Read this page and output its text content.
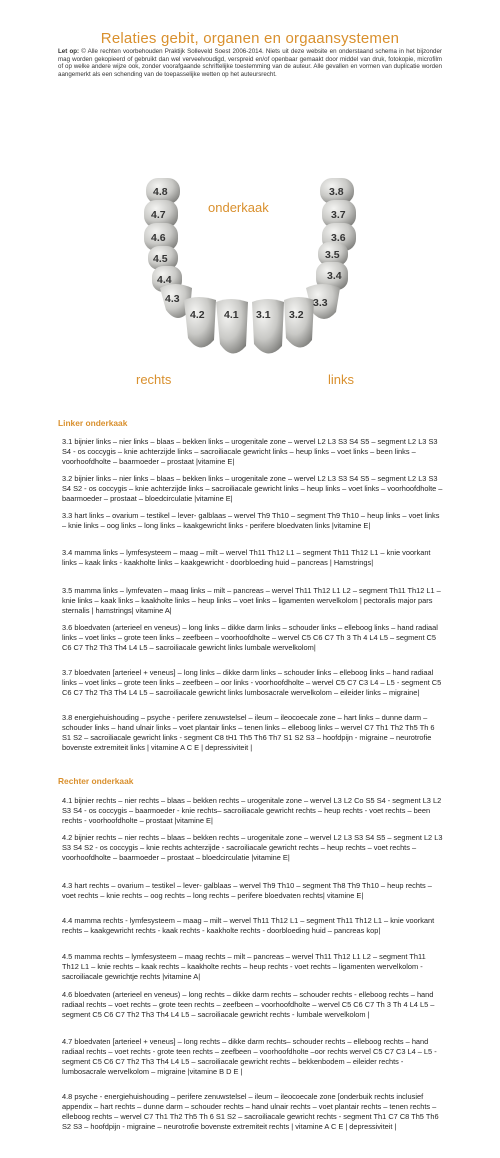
Relaties gebit, organen en orgaansystemen
Let op: © Alle rechten voorbehouden Praktijk Solleveld Soest 2006-2014. Niets uit deze website en onderstaand schema in het bijzonder mag worden gekopieerd of gebruikt dan wel verveelvoudigd, verspreid en/of openbaar gemaakt door middel van druk, fotokopie, microfilm of op welke andere wijze ook, zonder voorafgaande schriftelijke toestemming van de auteur. Alle gevallen en vormen van duplicatie worden aangemerkt als een schending van de toepasselijke wetten op het auteursrecht.
4.8
4.7
4.6
4.5
4.4
4.3
4.2 4.1
3.8
3.7
3.6
3.5
3.4
3.3
3.2
3.1
onderkaak
rechts	links
Linker onderkaak
3.1 bijnier links – nier links – blaas – bekken links – urogenitale zone – wervel L2 L3 S3 S4 S5 – segment L2 L3 S3 S4 - os coccygis – knie achterzijde links – sacroiliacale gewricht links – heup links – voet links – been links –voorhoofdholte – baarmoeder – prostaat |vitamine E|
3.2 bijnier links – nier links – blaas – bekken links – urogenitale zone – wervel L2 L3 S3 S4 S5 – segment L2 L3 S3 S4 S2 - os coccygis – knie achterzijde links – sacroiliacale gewricht links – heup links – voet links – voorhoofdholte – baarmoeder – prostaat – bloedcirculatie |vitamine E|
3.3 hart links – ovarium – testikel – lever- galblaas – wervel Th9 Th10 – segment Th9 Th10 – heup links – voet links – knie links – oog links – long links – kaakgewricht links - perifere bloedvaten links |vitamine E|
3.4 mamma links – lymfesysteem – maag – milt – wervel Th11 Th12 L1 – segment Th11 Th12 L1 – knie voorkant links – kaak links - kaakholte links – kaakgewricht - doorbloeding huid – pancreas | Hamstrings|
3.5 mamma links – lymfevaten – maag links – milt – pancreas – wervel Th11 Th12 L1 L2 – segment Th11 Th12 L1 – knie links – kaak links – kaakholte links – heup links – voet links – ligamenten wervelkolom | pectoralis major pars sternalis | hamstrings| vitamine A|
3.6 bloedvaten (arterieel en veneus) – long links – dikke darm links – schouder links – elleboog links – hand radiaal links – voet links – grote teen links – zeefbeen – voorhoofdholte – wervel C5 C6 C7 Th 3 Th 4 L4 L5 – segment C5 C6 C7 Th2 Th3 Th4 L4 L5 – sacroiliacale gewricht links lumbale wervelkolom|
3.7 bloedvaten [arterieel + veneus] – long links – dikke darm links – schouder links – elleboog links – hand radiaal links – voet links – grote teen links – zeefbeen – oor links - voorhoofdholte – wervel C5 C7 C3 L4 – L5 - segment C5 C6 C7 Th2 Th3 Th4 L4 L5 – sacroiliacale gewricht links lumbosacrale wervelkolom – eileider links – migraine|
3.8 energiehuishouding – psyche - perifere zenuwstelsel – ileum – ileocoecale zone – hart links – dunne darm – schouder links – hand ulnair links – voet plantair links – tenen links – elleboog links – wervel C7 Th1 Th2 Th5 Th 6 S1 S2 – sacroiliacale gewricht links - segment C8 tH1 Th5 Th6 Th7 S1 S2 S3 – hoofdpijn - migraine – neurotrofie bovenste extremiteit links | vitamine A C E | depressiviteit |
Rechter onderkaak
4.1 bijnier rechts – nier rechts – blaas – bekken rechts – urogenitale zone – wervel L3 L2 Co S5 S4 - segment L3 L2 S3 S4 - os coccygis – baarmoeder - knie rechts– sacroiliacale gewricht rechts – heup rechts - voet rechts – been rechts - voorhoofdholte – prostaat |vitamine E|
4.2 bijnier rechts – nier rechts – blaas – bekken rechts – urogenitale zone – wervel L2 L3 S3 S4 S5 – segment L2 L3 S3 S4 S2 - os coccygis – knie rechts achterzijde - sacroiliacale gewricht rechts – heup rechts – voet rechts – voorhoofdholte – baarmoeder – prostaat – bloedcirculatie |vitamine E|
4.3 hart rechts – ovarium – testikel – lever- galblaas – wervel Th9 Th10 – segment Th8 Th9 Th10 – heup rechts – voet rechts – knie rechts – oog rechts – long rechts – perifere bloedvaten rechts| vitamine E|
4.4 mamma rechts - lymfesysteem – maag – milt – wervel Th11 Th12 L1 – segment Th11 Th12 L1 – knie voorkant rechts – kaakgewricht rechts - kaak rechts - kaakholte rechts - doorbloeding huid – pancreas kop|
4.5 mamma rechts – lymfesysteem – maag rechts – milt – pancreas – wervel Th11 Th12 L1 L2 – segment Th11 Th12 L1 – knie rechts – kaak rechts – kaakholte rechts – heup rechts - voet rechts – ligamenten wervelkolom - sacroiliacale gewrichtje rechts |vitamine A|
4.6 bloedvaten (arterieel en veneus) – long rechts – dikke darm rechts – schouder rechts - elleboog rechts – hand radiaal rechts – voet rechts – grote teen rechts – zeefbeen – voorhoofdholte – wervel C5 C6 C7 Th 3 Th 4 L4 L5 – segment C5 C6 C7 Th2 Th3 Th4 L4 L5 – sacroiliacale gewricht rechts - lumbale wervelkolom |
4.7 bloedvaten [arterieel + veneus] – long rechts – dikke darm rechts– schouder rechts – elleboog rechts – hand radiaal rechts – voet rechts - grote teen rechts – zeefbeen – voorhoofdholte –oor rechts wervel C5 C7 C3 L4 – L5 - segment C5 C6 C7 Th2 Th3 Th4 L4 L5 – sacroiliacale gewricht rechts – bekkenbodem – eileider rechts - lumbosacrale wervelkolom – migraine |vitamine B D E |
4.8 psyche - energiehuishouding – perifere zenuwstelsel – ileum – ileocoecale zone [onderbuik rechts inclusief appendix – hart rechts – dunne darm – schouder rechts – hand ulnair rechts – voet plantair rechts – tenen rechts – elleboog rechts – wervel C7 Th1 Th2 Th5 Th 6 S1 S2 – sacroiliacale gewricht rechts - segment Th1 C7 C8 Th5 Th6 S2 S3 – hoofdpijn - migraine – neurotrofie bovenste extremiteit rechts | vitamine A C E | depressiviteit |
